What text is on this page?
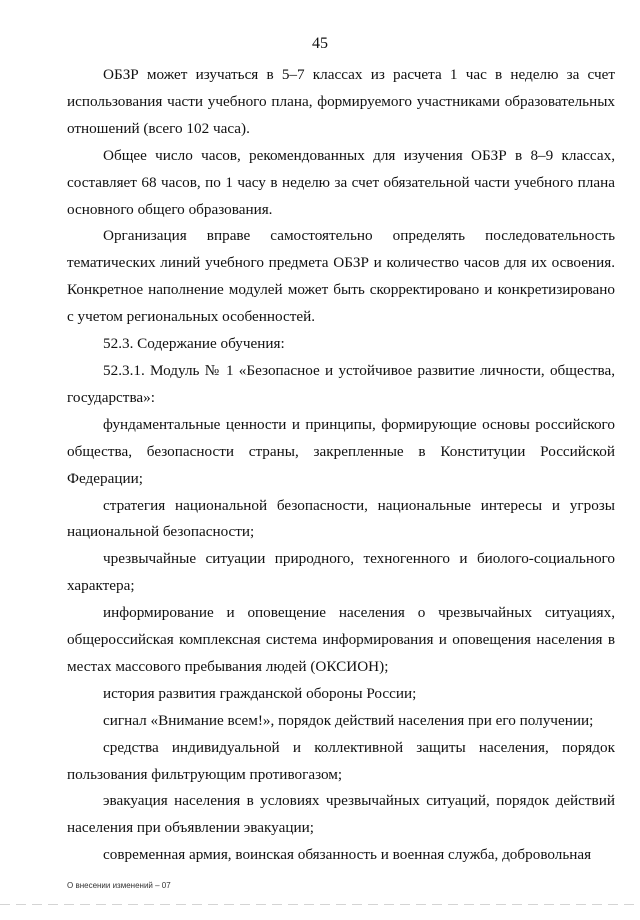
45

ОБЗР может изучаться в 5–7 классах из расчета 1 час в неделю за счет использования части учебного плана, формируемого участниками образовательных отношений (всего 102 часа).

Общее число часов, рекомендованных для изучения ОБЗР в 8–9 классах, составляет 68 часов, по 1 часу в неделю за счет обязательной части учебного плана основного общего образования.

Организация вправе самостоятельно определять последовательность тематических линий учебного предмета ОБЗР и количество часов для их освоения. Конкретное наполнение модулей может быть скорректировано и конкретизировано с учетом региональных особенностей.

52.3. Содержание обучения:

52.3.1. Модуль № 1 «Безопасное и устойчивое развитие личности, общества, государства»:

фундаментальные ценности и принципы, формирующие основы российского общества, безопасности страны, закрепленные в Конституции Российской Федерации;

стратегия национальной безопасности, национальные интересы и угрозы национальной безопасности;

чрезвычайные ситуации природного, техногенного и биолого-социального характера;

информирование и оповещение населения о чрезвычайных ситуациях, общероссийская комплексная система информирования и оповещения населения в местах массового пребывания людей (ОКСИОН);

история развития гражданской обороны России;

сигнал «Внимание всем!», порядок действий населения при его получении;

средства индивидуальной и коллективной защиты населения, порядок пользования фильтрующим противогазом;

эвакуация населения в условиях чрезвычайных ситуаций, порядок действий населения при объявлении эвакуации;

современная армия, воинская обязанность и военная служба, добровольная

О внесении изменений – 07
